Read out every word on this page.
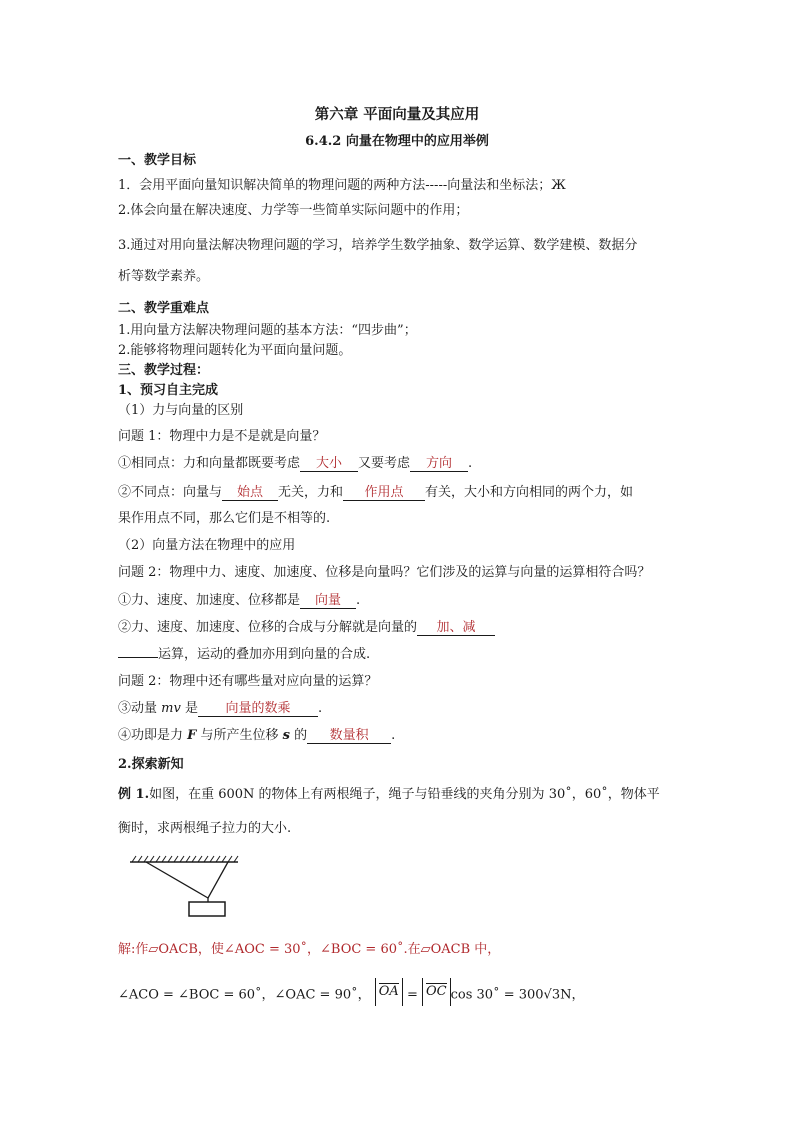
第六章 平面向量及其应用
6.4.2 向量在物理中的应用举例
一、教学目标
1．会用平面向量知识解决简单的物理问题的两种方法-----向量法和坐标法；Ж
2.体会向量在解决速度、力学等一些简单实际问题中的作用；
3.通过对用向量法解决物理问题的学习，培养学生数学抽象、数学运算、数学建模、数据分
析等数学素养。
二、教学重难点
1.用向量方法解决物理问题的基本方法：“四步曲”；
2.能够将物理问题转化为平面向量问题。
三、教学过程：
1、预习自主完成
（1）力与向量的区别
问题 1：物理中力是不是就是向量？
①相同点：力和向量都既要考虑 大小 又要考虑 方向 .
②不同点：向量与 始点 无关，力和 作用点 有关，大小和方向相同的两个力，如
果作用点不同，那么它们是不相等的.
（2）向量方法在物理中的应用
问题 2：物理中力、速度、加速度、位移是向量吗？它们涉及的运算与向量的运算相符合吗？
①力、速度、加速度、位移都是 向量 .
②力、速度、加速度、位移的合成与分解就是向量的 加、减
运算，运动的叠加亦用到向量的合成.
问题 2：物理中还有哪些量对应向量的运算？
③动量 mv 是 向量的数乘 .
④功即是力 F 与所产生位移 s 的 数量积 .
2.探索新知
例 1.如图，在重 600N 的物体上有两根绳子，绳子与铅垂线的夹角分别为 30˚，60˚，物体平
衡时，求两根绳子拉力的大小.
解:作▱OACB，使∠AOC = 30˚，∠BOC = 60˚.在▱OACB 中，
∠ACO = ∠BOC = 60˚，∠OAC = 90˚， OA = OC cos 30˚ = 300√3N，
